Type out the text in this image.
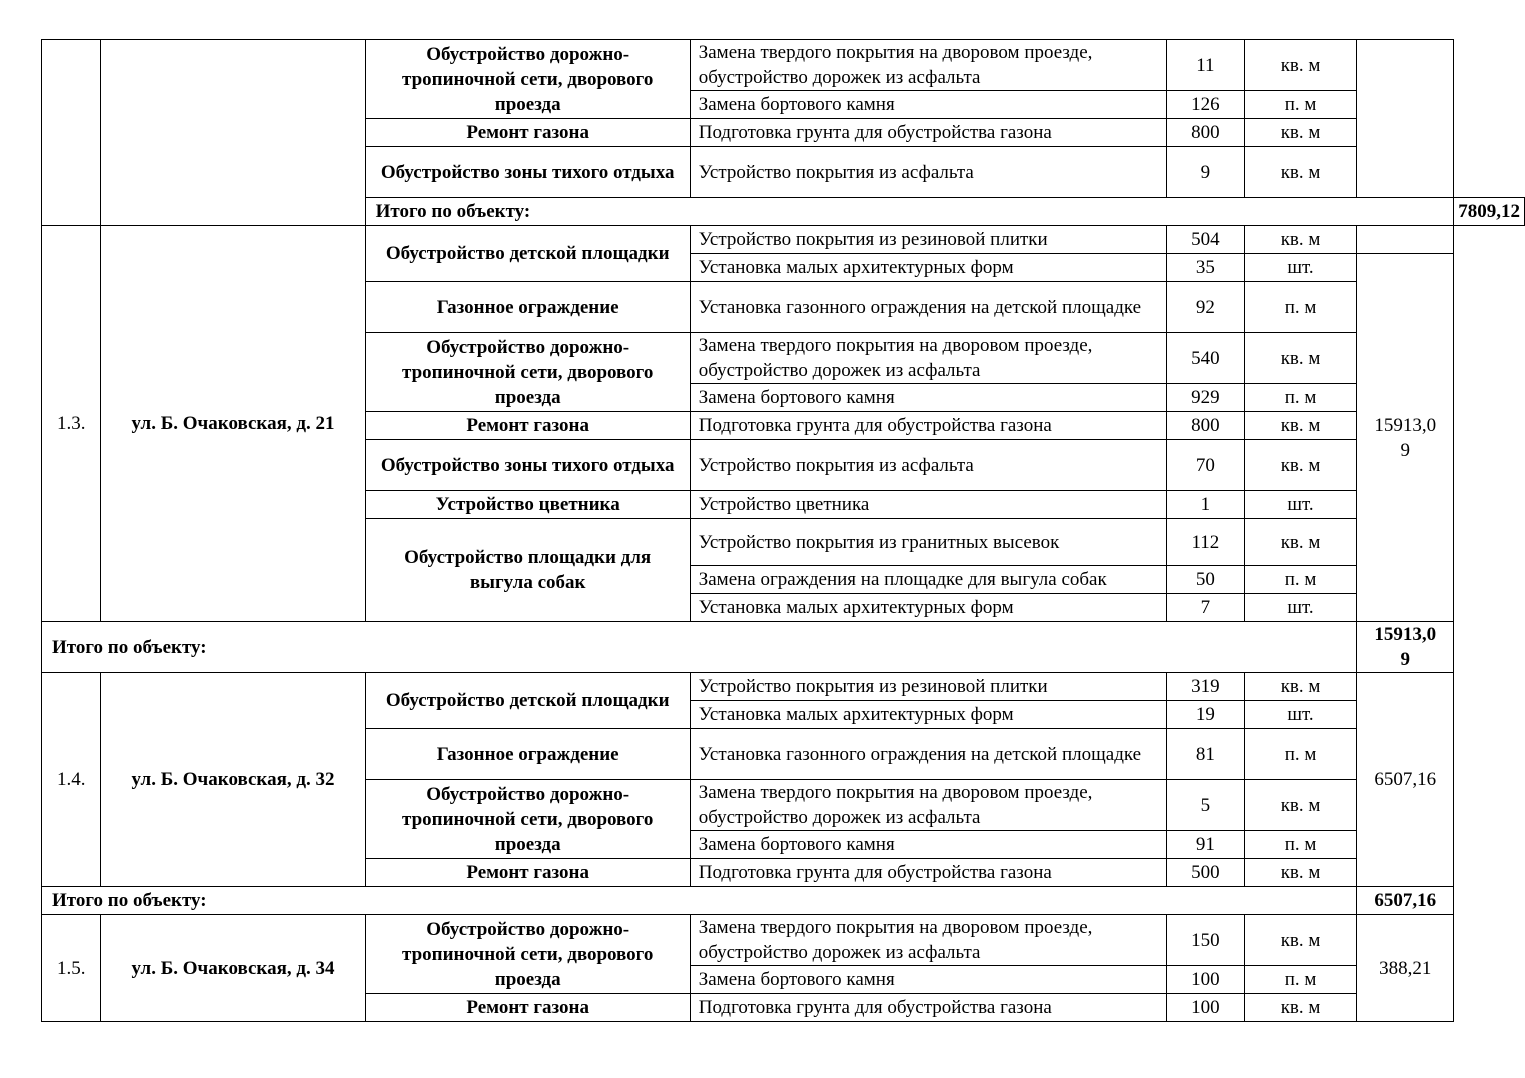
		Обустройство дорожно-тропиночной сети, дворового проезда	Замена твердого покрытия на дворовом проезде, обустройство дорожек из асфальта	11	кв. м		
			Замена бортового камня	126	п. м		
		Ремонт газона	Подготовка грунта для обустройства газона	800	кв. м		
		Обустройство зоны тихого отдыха	Устройство покрытия из асфальта	9	кв. м		
		Итого по объекту:					7809,12
1.3.	ул. Б. Очаковская, д. 21	Обустройство детской площадки	Устройство покрытия из резиновой плитки	504	кв. м		
			Установка малых архитектурных форм	35	шт.	15913,09	
		Газонное ограждение	Установка газонного ограждения на детской площадке	92	п. м		
		Обустройство дорожно-тропиночной сети, дворового проезда	Замена твердого покрытия на дворовом проезде, обустройство дорожек из асфальта	540	кв. м		
			Замена бортового камня	929	п. м		
		Ремонт газона	Подготовка грунта для обустройства газона	800	кв. м		
		Обустройство зоны тихого отдыха	Устройство покрытия из асфальта	70	кв. м		
		Устройство цветника	Устройство цветника	1	шт.		
		Обустройство площадки для выгула собак	Устройство покрытия из гранитных высевок	112	кв. м		
			Замена ограждения на площадке для выгула собак	50	п. м		
			Установка малых архитектурных форм	7	шт.		
Итого по объекту:						15913,09	
1.4.	ул. Б. Очаковская, д. 32	Обустройство детской площадки	Устройство покрытия из резиновой плитки	319	кв. м	6507,16	
			Установка малых архитектурных форм	19	шт.		
		Газонное ограждение	Установка газонного ограждения на детской площадке	81	п. м		
		Обустройство дорожно-тропиночной сети, дворового проезда	Замена твердого покрытия на дворовом проезде, обустройство дорожек из асфальта	5	кв. м		
			Замена бортового камня	91	п. м		
		Ремонт газона	Подготовка грунта для обустройства газона	500	кв. м		
Итого по объекту:						6507,16	
1.5.	ул. Б. Очаковская, д. 34	Обустройство дорожно-тропиночной сети, дворового проезда	Замена твердого покрытия на дворовом проезде, обустройство дорожек из асфальта	150	кв. м	388,21	
			Замена бортового камня	100	п. м		
		Ремонт газона	Подготовка грунта для обустройства газона	100	кв. м		
